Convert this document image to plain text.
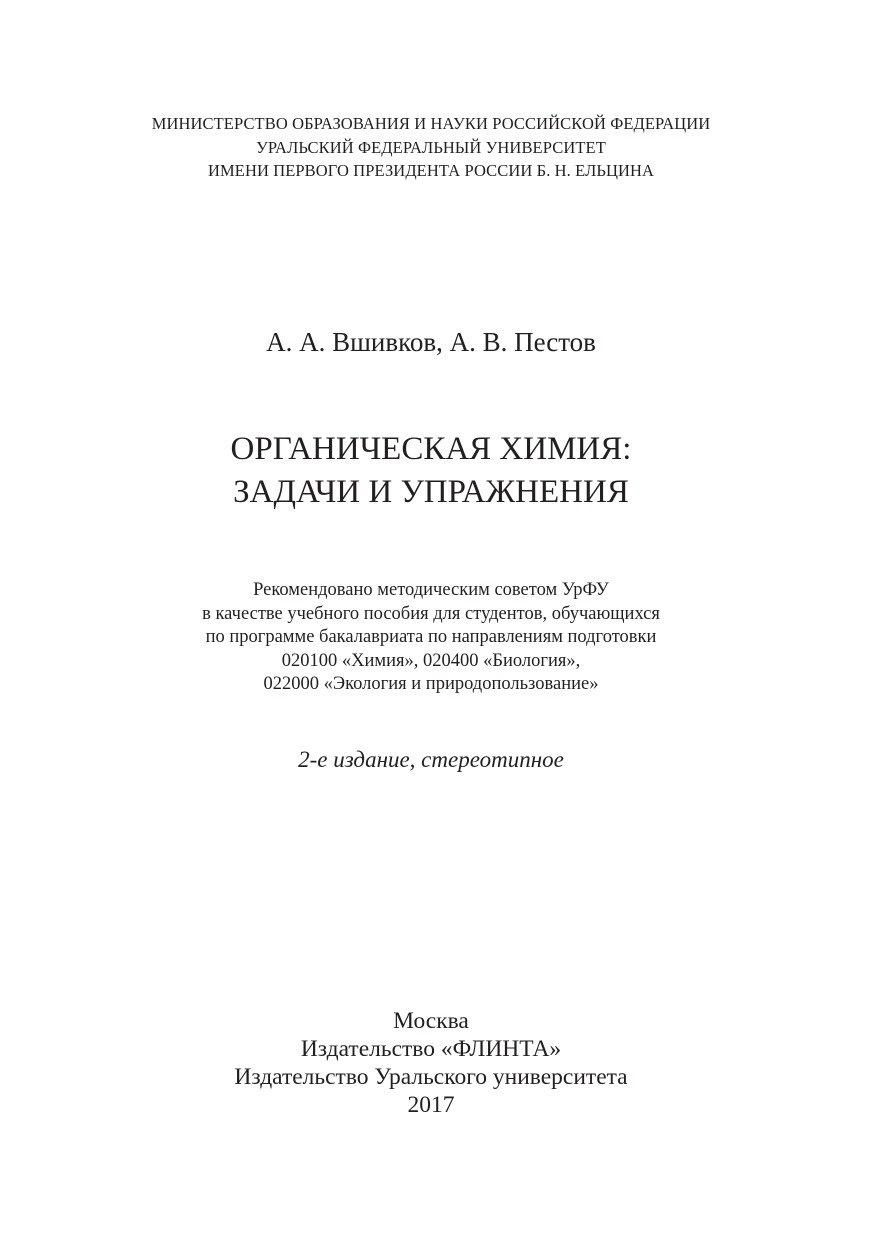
МИНИСТЕРСТВО ОБРАЗОВАНИЯ И НАУКИ РОССИЙСКОЙ ФЕДЕРАЦИИ
УРАЛЬСКИЙ ФЕДЕРАЛЬНЫЙ УНИВЕРСИТЕТ
ИМЕНИ ПЕРВОГО ПРЕЗИДЕНТА РОССИИ Б. Н. ЕЛЬЦИНА
А. А. Вшивков, А. В. Пестов
ОРГАНИЧЕСКАЯ ХИМИЯ:
ЗАДАЧИ И УПРАЖНЕНИЯ
Рекомендовано методическим советом УрФУ
в качестве учебного пособия для студентов, обучающихся
по программе бакалавриата по направлениям подготовки
020100 «Химия», 020400 «Биология»,
022000 «Экология и природопользование»
2-е издание, стереотипное
Москва
Издательство «ФЛИНТА»
Издательство Уральского университета
2017
